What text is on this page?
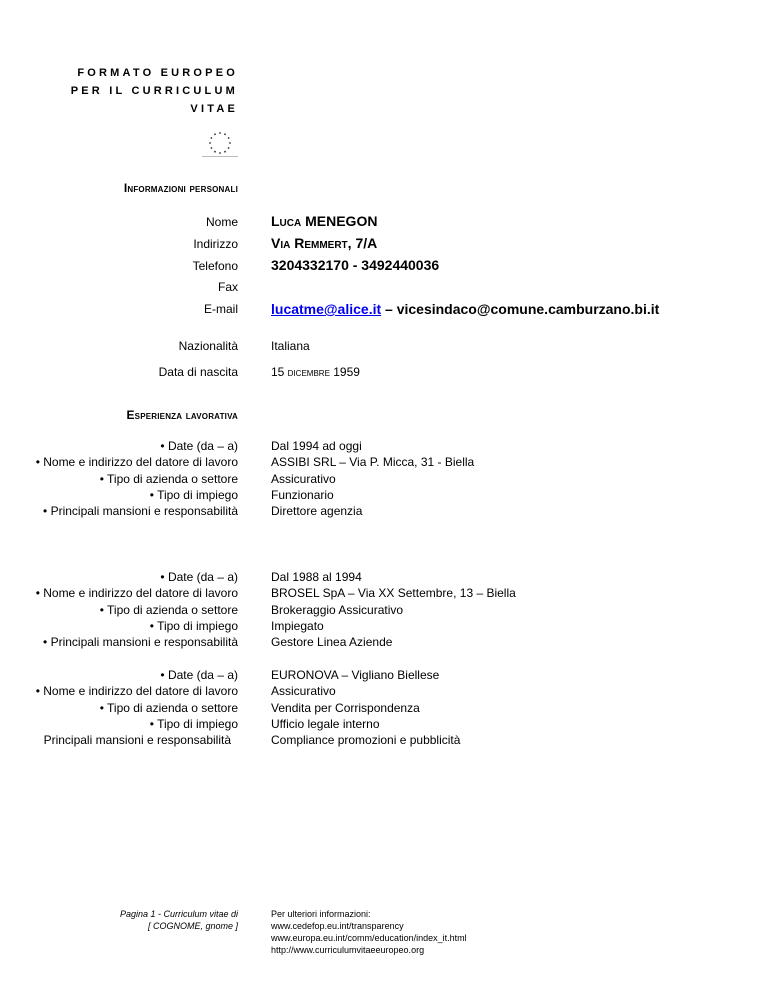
FORMATO EUROPEO
PER IL CURRICULUM
VITAE
Informazioni personali
Nome Luca MENEGON
Indirizzo Via Remmert, 7/A
Telefono 3204332170 - 3492440036
Fax
E-mail lucatme@alice.it – vicesindaco@comune.camburzano.bi.it
Nazionalità	Italiana
Data di nascita	15 dicembre 1959
Esperienza lavorativa
• Date (da – a)
• Nome e indirizzo del datore di lavoro
• Tipo di azienda o settore
• Tipo di impiego
• Principali mansioni e responsabilità
Dal 1994 ad oggi
ASSIBI SRL – Via P. Micca, 31 - Biella
Assicurativo
Funzionario
Direttore agenzia
• Date (da – a)
• Nome e indirizzo del datore di lavoro
• Tipo di azienda o settore
• Tipo di impiego
• Principali mansioni e responsabilità
Dal 1988 al 1994
BROSEL SpA – Via XX Settembre, 13 – Biella
Brokeraggio Assicurativo
Impiegato
Gestore Linea Aziende
• Date (da – a)
• Nome e indirizzo del datore di lavoro
• Tipo di azienda o settore
• Tipo di impiego
Principali mansioni e responsabilità
EURONOVA – Vigliano Biellese
Assicurativo
Vendita per Corrispondenza
Ufficio legale interno
Compliance promozioni e pubblicità
Pagina 1 - Curriculum vitae di
[ COGNOME, gnome ]
Per ulteriori informazioni:
www.cedefop.eu.int/transparency
www.europa.eu.int/comm/education/index_it.html
http://www.curriculumvitaeeuropeo.org
